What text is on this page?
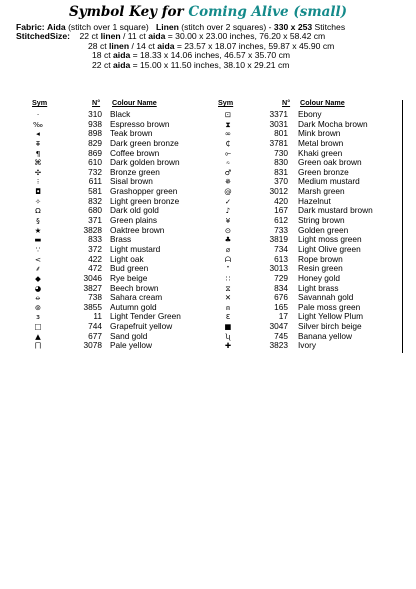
Symbol Key for Coming Alive (small)
Fabric: Aida (stitch over 1 square) Linen (stitch over 2 squares) - 330 x 253 Stitches
StitchedSize: 22 ct linen / 11 ct aida = 30.00 x 23.00 inches, 76.20 x 58.42 cm
28 ct linen / 14 ct aida = 23.57 x 18.07 inches, 59.87 x 45.90 cm
18 ct aida = 18.33 x 14.06 inches, 46.57 x 35.70 cm
22 ct aida = 15.00 x 11.50 inches, 38.10 x 29.21 cm
Sym	N° Colour Name	Sym	N° Colour Name
·	310 Black
‰	938 Espresso brown
◂	898 Teak brown
⩨	829 Dark green bronze
¶	869 Coffee brown
⌘	610 Dark golden brown
✣	732 Bronze green
⁝	611 Sisal brown
◘	581 Grashopper green
✧	832 Light green bronze
Ω	680 Dark old gold
§	371 Green plains
★	3828 Oaktree brown
▬	833 Brass
∵	372 Light mustard
<	422 Light oak
⸙	472 Bud green
◆	3046 Rye beige
◕	3827 Beech brown
⦵	738 Sahara cream
⊚	3855 Autumn gold
ɜ	11 Light Tender Green
□	744 Grapefruit yellow
▲	677 Sand gold
⨅	3078 Pale yellow
⊡	3371 Ebony
⧗	3031 Dark Mocha brown
∞	801 Mink brown
₵	3781 Metal brown
⟜	730 Khaki green
⍨	830 Green oak brown
♂	831 Green bronze
✵	370 Medium mustard
@	3012 Marsh green
✓	420 Hazelnut
♪	167 Dark mustard brown
¥	612 String brown
⊙	733 Golden green
♣	3819 Light moss green
⌀	734 Light Olive green
ᗩ	613 Rope brown
ᐩ	3013 Resin green
∷	729 Honey gold
⧖	834 Light brass
✕	676 Savannah gold
⍝	165 Pale moss green
Ɛ	17 Light Yellow Plum
■	3047 Silver birch beige
ʯ	745 Banana yellow
✚	3823 Ivory
